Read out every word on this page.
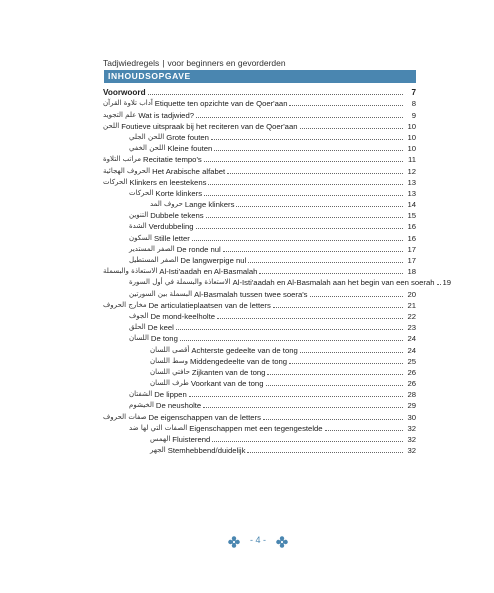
Tadjwiedregels | voor beginners en gevorderden
INHOUDSOPGAVE
Voorwoord	7
آداب تلاوة القرآن Etiquette ten opzichte van de Qoer'aan	8
علم التجويد Wat is tadjwied?	9
اللحن Foutieve uitspraak bij het reciteren van de Qoer'aan	10
اللحن الجلي Grote fouten	10
اللحن الخفي Kleine fouten	10
مراتب التلاوة Recitatie tempo's	11
الحروف الهجائية Het Arabische alfabet	12
الحركات Klinkers en leestekens	13
الحركات Korte klinkers	13
حروف المد Lange klinkers	14
التنوين Dubbele tekens	15
الشدة Verdubbeling	16
السكون Stille letter	16
الصفر المستدير De ronde nul	17
الصفر المستطيل De langwerpige nul	17
الاستعاذة والبسملة Al-Isti'aadah en Al-Basmalah	18
الاستعاذة والبسملة في أول السورة Al-Isti'aadah en Al-Basmalah aan het begin van een soerah 19
البسملة بين السورتين Al-Basmalah tussen twee soera's	20
مخارج الحروف De articulatieplaatsen van de letters	21
الجوف De mond-keelholte	22
الحلق De keel	23
اللسان De tong	24
أقصى اللسان Achterste gedeelte van de tong	24
وسط اللسان Middengedeelte van de tong	25
حافتي اللسان Zijkanten van de tong	26
طرف اللسان Voorkant van de tong	26
الشفتان De lippen	28
الخيشوم De neusholte	29
صفات الحروف De eigenschappen van de letters	30
الصفات التي لها ضد Eigenschappen met een tegengestelde	32
الهمس Fluisterend	32
الجهر Stemhebbend/duidelijk	32
- 4 -
